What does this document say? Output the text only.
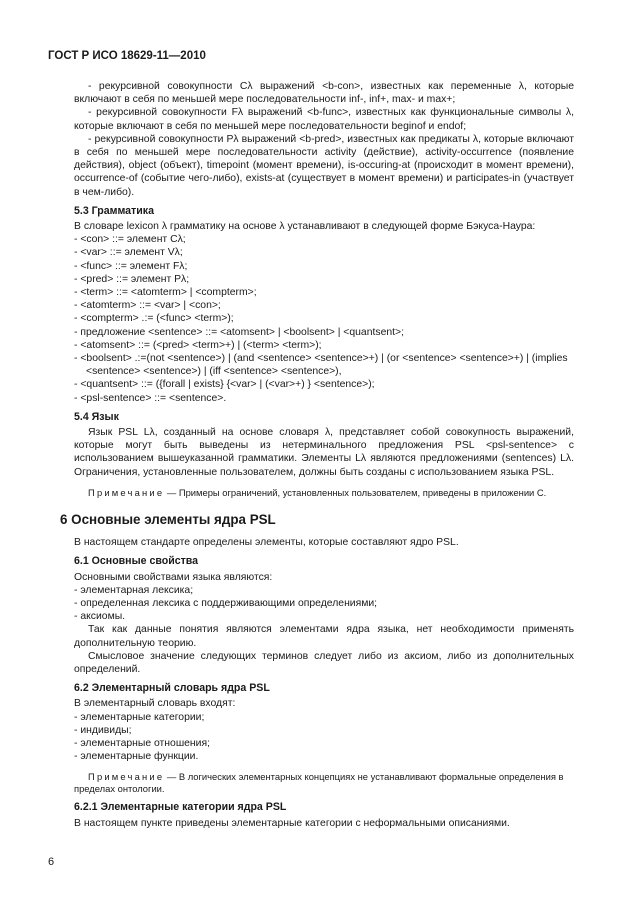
ГОСТ Р ИСО 18629-11—2010
- рекурсивной совокупности Cλ выражений <b-con>, известных как переменные λ, которые включают в себя по меньшей мере последовательности inf-, inf+, max- и max+;
- рекурсивной совокупности Fλ выражений <b-func>, известных как функциональные символы λ, которые включают в себя по меньшей мере последовательности beginof и endof;
- рекурсивной совокупности Pλ выражений <b-pred>, известных как предикаты λ, которые включают в себя по меньшей мере последовательности activity (действие), activity-occurrence (появление действия), object (объект), timepoint (момент времени), is-occuring-at (происходит в момент времени), occurrence-of (событие чего-либо), exists-at (существует в момент времени) и participates-in (участвует в чем-либо).
5.3 Грамматика
В словаре lexicon λ грамматику на основе λ устанавливают в следующей форме Бэкуса-Наура:
- <con> ::= элемент Cλ;
- <var> ::= элемент Vλ;
- <func> ::= элемент Fλ;
- <pred> ::= элемент Pλ;
- <term> ::= <atomterm> | <compterm>;
- <atomterm> ::= <var> | <con>;
- <compterm> .:= (<func> <term>);
- предложение <sentence> ::= <atomsent> | <boolsent> | <quantsent>;
- <atomsent> ::= (<pred> <term>+) | (<term> <term>);
- <boolsent> .:=(not <sentence>) | (and <sentence> <sentence>+) | (or <sentence> <sentence>+) | (implies <sentence> <sentence>) | (iff <sentence> <sentence>),
- <quantsent> ::= ({forall | exists} {<var> | (<var>+) } <sentence>);
- <psl-sentence> ::= <sentence>.
5.4 Язык
Язык PSL Lλ, созданный на основе словаря λ, представляет собой совокупность выражений, которые могут быть выведены из нетерминального предложения PSL <psl-sentence> с использованием вышеуказанной грамматики. Элементы Lλ являются предложениями (sentences) Lλ. Ограничения, установленные пользователем, должны быть созданы с использованием языка PSL.
Примечание — Примеры ограничений, установленных пользователем, приведены в приложении С.
6 Основные элементы ядра PSL
В настоящем стандарте определены элементы, которые составляют ядро PSL.
6.1 Основные свойства
Основными свойствами языка являются:
- элементарная лексика;
- определенная лексика с поддерживающими определениями;
- аксиомы.
Так как данные понятия являются элементами ядра языка, нет необходимости применять дополнительную теорию.
Смысловое значение следующих терминов следует либо из аксиом, либо из дополнительных определений.
6.2 Элементарный словарь ядра PSL
В элементарный словарь входят:
- элементарные категории;
- индивиды;
- элементарные отношения;
- элементарные функции.
Примечание — В логических элементарных концепциях не устанавливают формальные определения в пределах онтологии.
6.2.1 Элементарные категории ядра PSL
В настоящем пункте приведены элементарные категории с неформальными описаниями.
6
